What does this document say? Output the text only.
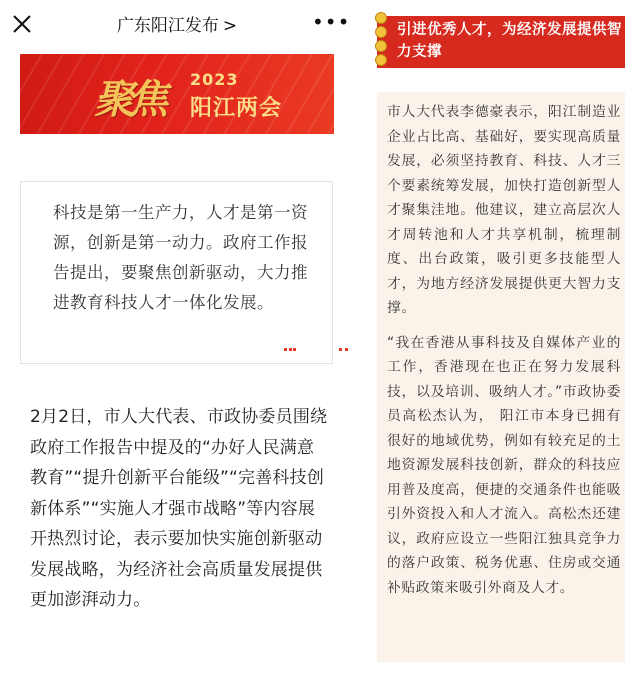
广东阳江发布 >	•••
聚焦 2023
阳江两会
科技是第一生产力，人才是第一资源，创新是第一动力。政府工作报告提出，要聚焦创新驱动，大力推进教育科技人才一体化发展。
2月2日，市人大代表、市政协委员围绕政府工作报告中提及的“办好人民满意教育”“提升创新平台能级”“完善科技创新体系”“实施人才强市战略”等内容展开热烈讨论，表示要加快实施创新驱动发展战略，为经济社会高质量发展提供更加澎湃动力。
引进优秀人才，为经济发展提供智力支撑

市人大代表李德豪表示，阳江制造业企业占比高、基础好，要实现高质量发展，必须坚持教育、科技、人才三个要素统筹发展，加快打造创新型人才聚集洼地。他建议，建立高层次人才周转池和人才共享机制，梳理制度、出台政策，吸引更多技能型人才，为地方经济发展提供更大智力支撑。

“我在香港从事科技及自媒体产业的工作，香港现在也正在努力发展科技，以及培训、吸纳人才。”市政协委员高松杰认为， 阳江市本身已拥有很好的地域优势，例如有较充足的土地资源发展科技创新，群众的科技应用普及度高，便捷的交通条件也能吸引外资投入和人才流入。高松杰还建议，政府应设立一些阳江独具竞争力的落户政策、税务优惠、住房或交通补贴政策来吸引外商及人才。
